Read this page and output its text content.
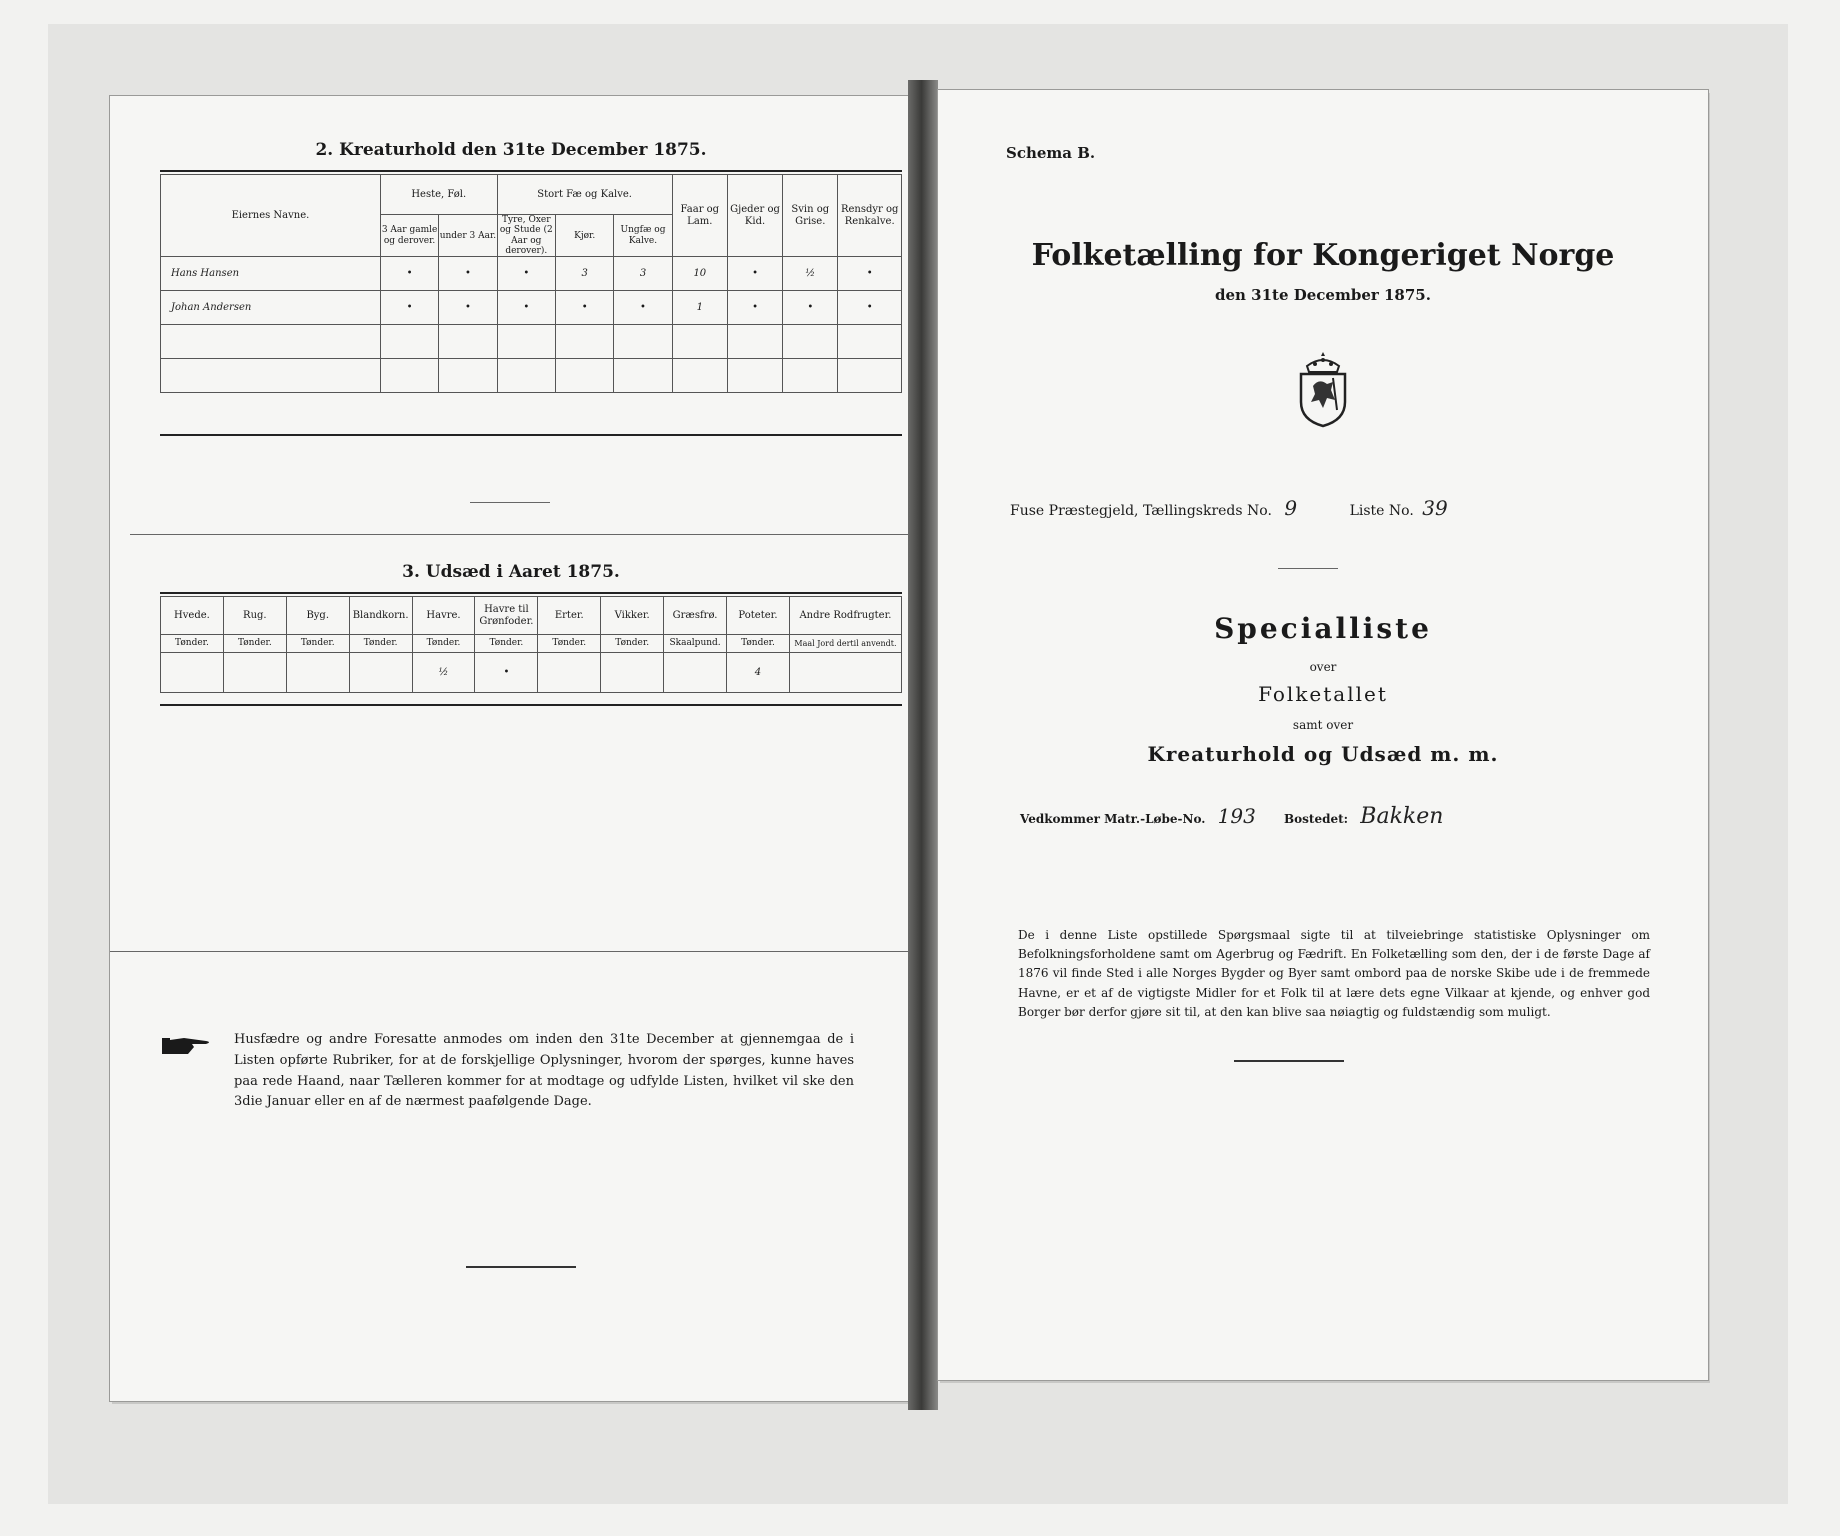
2. Kreaturhold den 31te December 1875.
Eiernes Navne.	Heste, Føl.		Stort Fæ og Kalve.			Faar og Lam.	Gjeder og Kid.	Svin og Grise.	Rensdyr og Renkalve.
	3 Aar gamle og derover.	under 3 Aar.	Tyre, Oxer og Stude (2 Aar og derover).	Kjør.	Ungfæ og Kalve.				
Hans Hansen	•	•	•	3	3	10	•	½	•
Johan Andersen	•	•	•	•	•	1	•	•	•

3. Udsæd i Aaret 1875.
Hvede.	Rug.	Byg.	Blandkorn.	Havre.	Havre til Grønfoder.	Erter.	Vikker.	Græsfrø.	Poteter.	Andre Rodfrugter.
Tønder.	Tønder.	Tønder.	Tønder.	Tønder.	Tønder.	Tønder.	Tønder.	Skaalpund.	Tønder.	Maal Jord dertil anvendt.
				½	•				4	
Husfædre og andre Foresatte anmodes om inden den 31te December at gjennemgaa de i Listen opførte Rubriker, for at de forskjellige Oplysninger, hvorom der spørges, kunne haves paa rede Haand, naar Tælleren kommer for at modtage og udfylde Listen, hvilket vil ske den 3die Januar eller en af de nærmest paafølgende Dage.
Schema B.
Folketælling for Kongeriget Norge
den 31te December 1875.
Fuse Præstegjeld, Tællingskreds No. 9	Liste No. 39
Specialliste
over
Folketallet
samt over
Kreaturhold og Udsæd m. m.
Vedkommer Matr.-Løbe-No. 193 Bostedet: Bakken
De i denne Liste opstillede Spørgsmaal sigte til at tilveiebringe statistiske Oplysninger om Befolkningsforholdene samt om Agerbrug og Fædrift. En Folketælling som den, der i de første Dage af 1876 vil finde Sted i alle Norges Bygder og Byer samt ombord paa de norske Skibe ude i de fremmede Havne, er et af de vigtigste Midler for et Folk til at lære dets egne Vilkaar at kjende, og enhver god Borger bør derfor gjøre sit til, at den kan blive saa nøiagtig og fuldstændig som muligt.
